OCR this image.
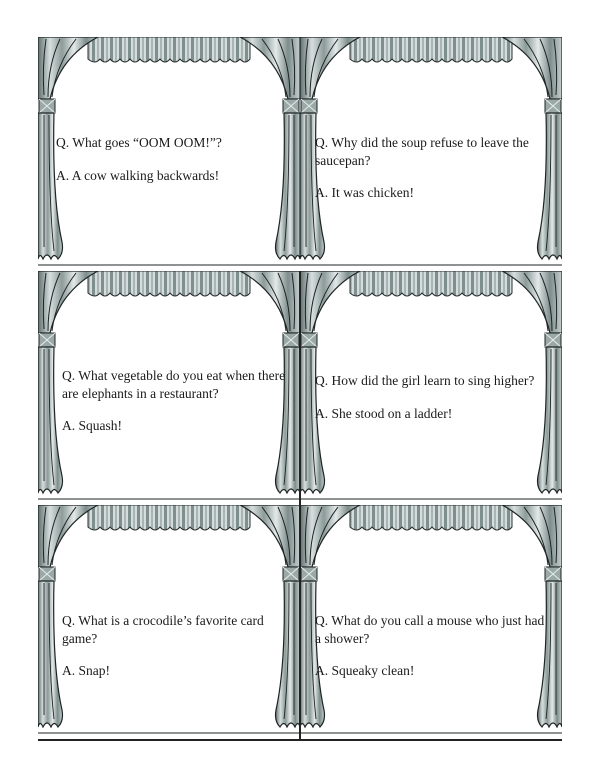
Q. What goes “OOM OOM!”?

A. A cow walking backwards!

Q. Why did the soup refuse to leave the saucepan?

A. It was chicken!

Q. What vegetable do you eat when there are elephants in a restaurant?

A. Squash!

Q. How did the girl learn to sing higher?

A. She stood on a ladder!

Q. What is a crocodile’s favorite card game?

A. Snap!

Q. What do you call a mouse who just had a shower?

A. Squeaky clean!
